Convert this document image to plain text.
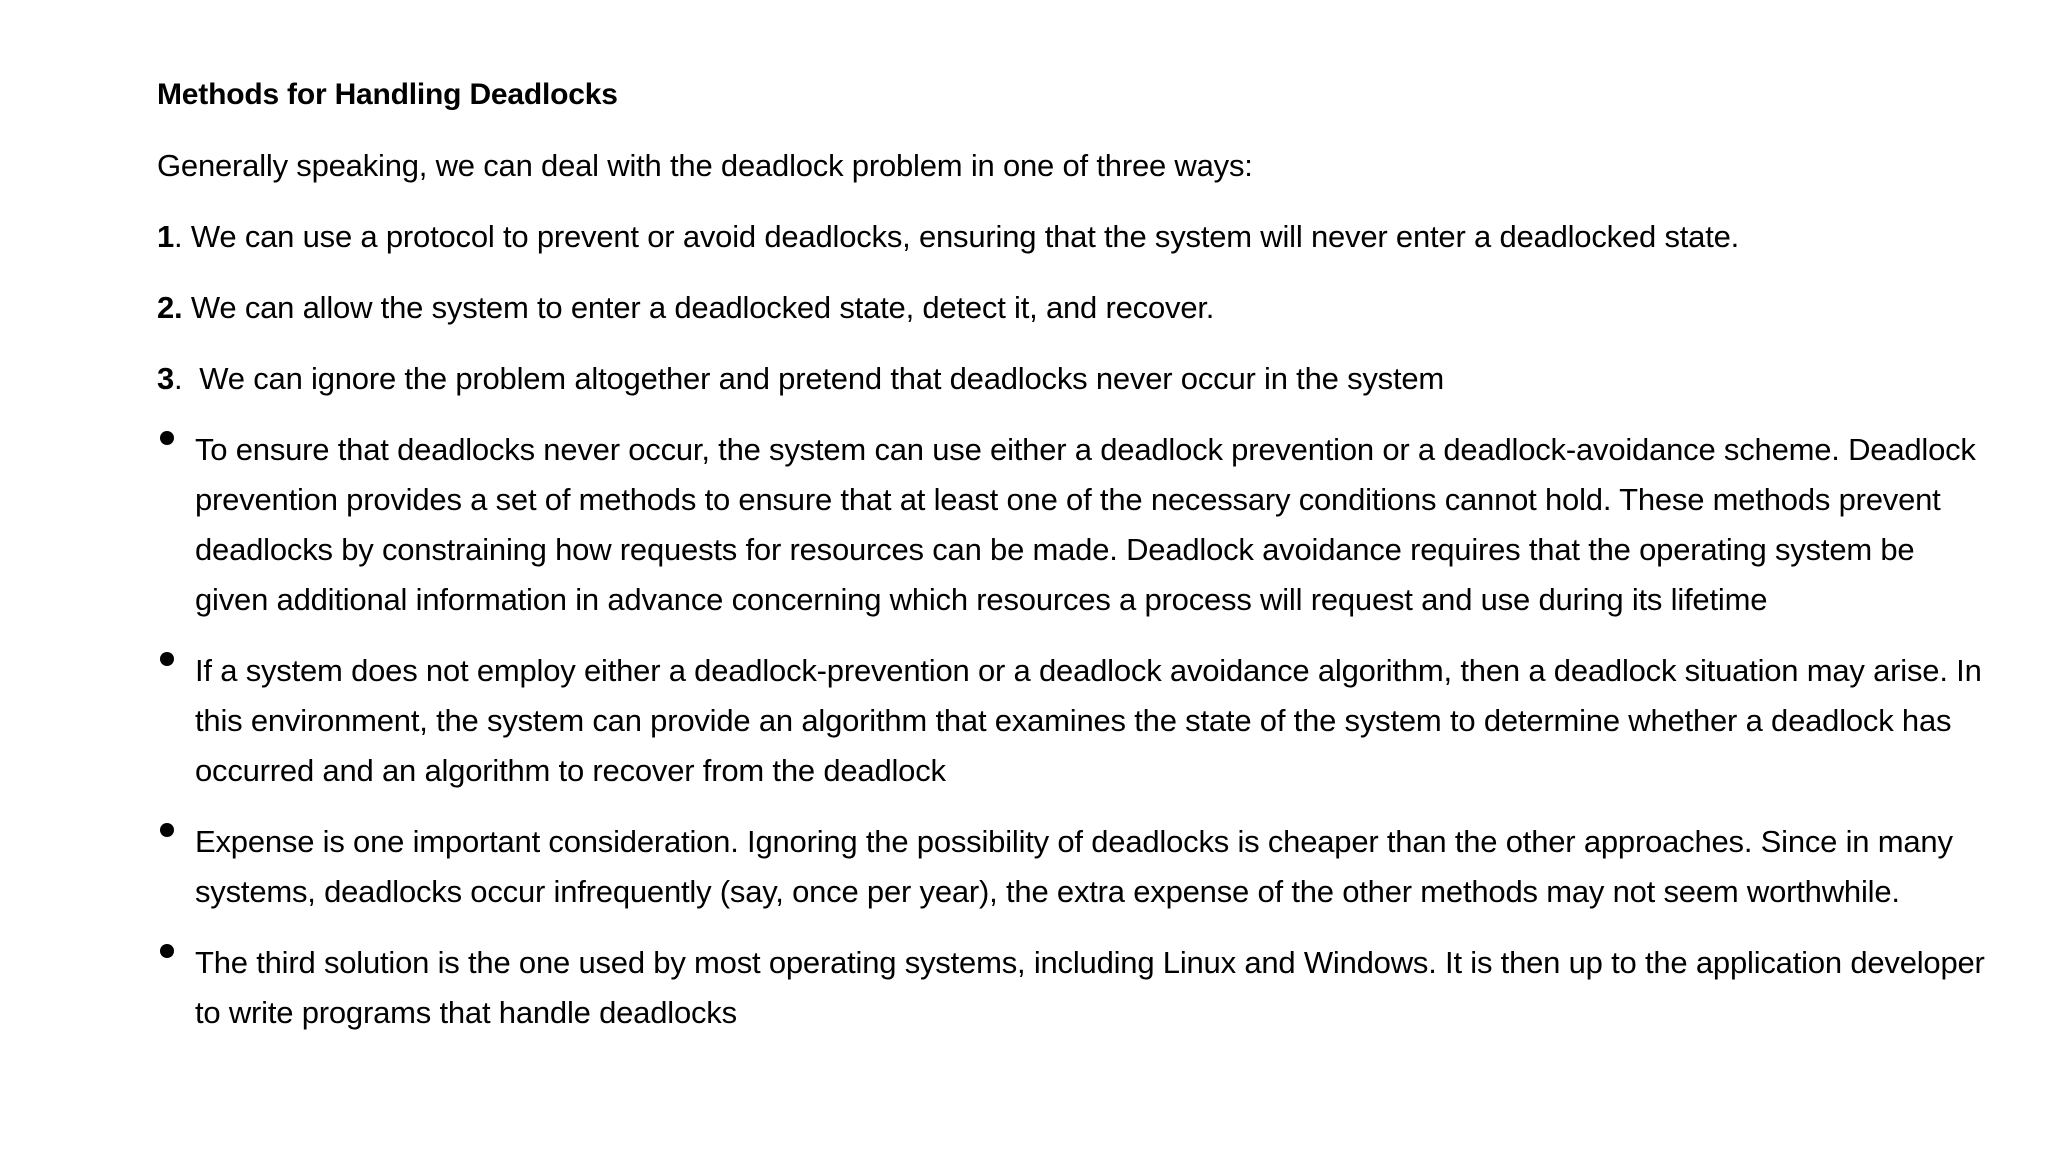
Methods for Handling Deadlocks
Generally speaking, we can deal with the deadlock problem in one of three ways:
1. We can use a protocol to prevent or avoid deadlocks, ensuring that the system will never enter a deadlocked state.
2. We can allow the system to enter a deadlocked state, detect it, and recover.
3.  We can ignore the problem altogether and pretend that deadlocks never occur in the system
To ensure that deadlocks never occur, the system can use either a deadlock prevention or a deadlock-avoidance scheme. Deadlock prevention provides a set of methods to ensure that at least one of the necessary conditions cannot hold. These methods prevent deadlocks by constraining how requests for resources can be made. Deadlock avoidance requires that the operating system be given additional information in advance concerning which resources a process will request and use during its lifetime
If a system does not employ either a deadlock-prevention or a deadlock avoidance algorithm, then a deadlock situation may arise. In this environment, the system can provide an algorithm that examines the state of the system to determine whether a deadlock has occurred and an algorithm to recover from the deadlock
Expense is one important consideration. Ignoring the possibility of deadlocks is cheaper than the other approaches. Since in many systems, deadlocks occur infrequently (say, once per year), the extra expense of the other methods may not seem worthwhile.
The third solution is the one used by most operating systems, including Linux and Windows. It is then up to the application developer to write programs that handle deadlocks
